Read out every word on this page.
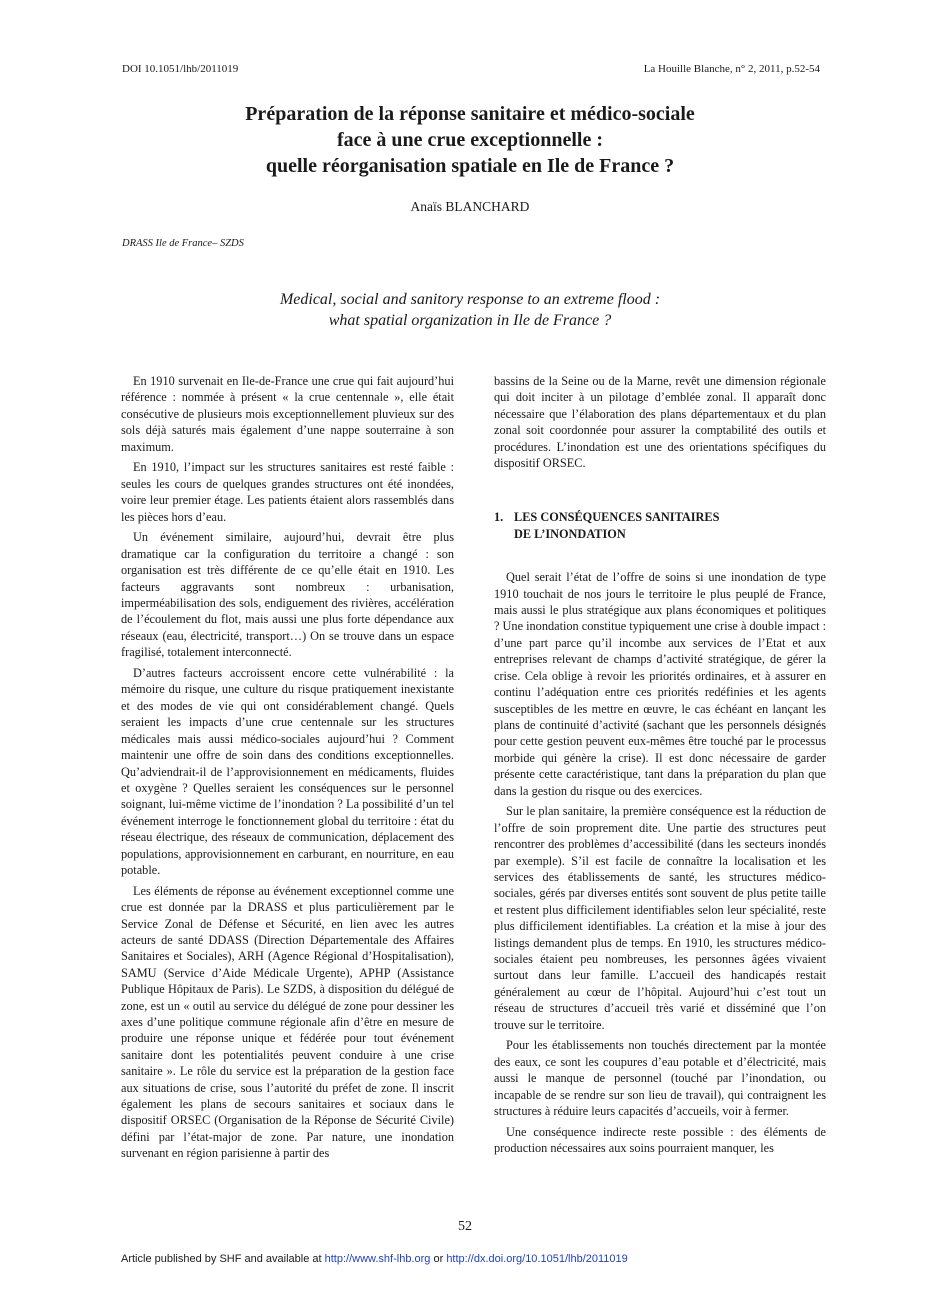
DOI 10.1051/lhb/2011019	La Houille Blanche, n° 2, 2011, p.52-54
Préparation de la réponse sanitaire et médico-sociale
face à une crue exceptionnelle :
quelle réorganisation spatiale en Ile de France ?
Anaïs BLANCHARD
DRASS Ile de France– SZDS
Medical, social and sanitory response to an extreme flood :
what spatial organization in Ile de France ?

En 1910 survenait en Ile-de-France une crue qui fait aujourd’hui référence : nommée à présent « la crue centennale », elle était consécutive de plusieurs mois exceptionnellement pluvieux sur des sols déjà saturés mais également d’une nappe souterraine à son maximum.

En 1910, l’impact sur les structures sanitaires est resté faible : seules les cours de quelques grandes structures ont été inondées, voire leur premier étage. Les patients étaient alors rassemblés dans les pièces hors d’eau.

Un événement similaire, aujourd’hui, devrait être plus dramatique car la configuration du territoire a changé : son organisation est très différente de ce qu’elle était en 1910. Les facteurs aggravants sont nombreux : urbanisation, imperméabilisation des sols, endiguement des rivières, accélération de l’écoulement du flot, mais aussi une plus forte dépendance aux réseaux (eau, électricité, transport…) On se trouve dans un espace fragilisé, totalement interconnecté.

D’autres facteurs accroissent encore cette vulnérabilité : la mémoire du risque, une culture du risque pratiquement inexistante et des modes de vie qui ont considérablement changé. Quels seraient les impacts d’une crue centennale sur les structures médicales mais aussi médico-sociales aujourd’hui ? Comment maintenir une offre de soin dans des conditions exceptionnelles. Qu’adviendrait-il de l’approvisionnement en médicaments, fluides et oxygène ? Quelles seraient les conséquences sur le personnel soignant, lui-même victime de l’inondation ? La possibilité d’un tel événement interroge le fonctionnement global du territoire : état du réseau électrique, des réseaux de communication, déplacement des populations, approvisionnement en carburant, en nourriture, en eau potable.

Les éléments de réponse au événement exceptionnel comme une crue est donnée par la DRASS et plus particulièrement par le Service Zonal de Défense et Sécurité, en lien avec les autres acteurs de santé DDASS (Direction Départementale des Affaires Sanitaires et Sociales), ARH (Agence Régional d’Hospitalisation), SAMU (Service d’Aide Médicale Urgente), APHP (Assistance Publique Hôpitaux de Paris). Le SZDS, à disposition du délégué de zone, est un « outil au service du délégué de zone pour dessiner les axes d’une politique commune régionale afin d’être en mesure de produire une réponse unique et fédérée pour tout événement sanitaire dont les potentialités peuvent conduire à une crise sanitaire ». Le rôle du service est la préparation de la gestion face aux situations de crise, sous l’autorité du préfet de zone. Il inscrit également les plans de secours sanitaires et sociaux dans le dispositif ORSEC (Organisation de la Réponse de Sécurité Civile) défini par l’état-major de zone. Par nature, une inondation survenant en région parisienne à partir des

bassins de la Seine ou de la Marne, revêt une dimension régionale qui doit inciter à un pilotage d’emblée zonal. Il apparaît donc nécessaire que l’élaboration des plans départementaux et du plan zonal soit coordonnée pour assurer la comptabilité des outils et procédures. L’inondation est une des orientations spécifiques du dispositif ORSEC.

1. LES CONSÉQUENCES SANITAIRES
DE L’INONDATION

Quel serait l’état de l’offre de soins si une inondation de type 1910 touchait de nos jours le territoire le plus peuplé de France, mais aussi le plus stratégique aux plans économiques et politiques ? Une inondation constitue typiquement une crise à double impact : d’une part parce qu’il incombe aux services de l’Etat et aux entreprises relevant de champs d’activité stratégique, de gérer la crise. Cela oblige à revoir les priorités ordinaires, et à assurer en continu l’adéquation entre ces priorités redéfinies et les agents susceptibles de les mettre en œuvre, le cas échéant en lançant les plans de continuité d’activité (sachant que les personnels désignés pour cette gestion peuvent eux-mêmes être touché par le processus morbide qui génère la crise). Il est donc nécessaire de garder présente cette caractéristique, tant dans la préparation du plan que dans la gestion du risque ou des exercices.

Sur le plan sanitaire, la première conséquence est la réduction de l’offre de soin proprement dite. Une partie des structures peut rencontrer des problèmes d’accessibilité (dans les secteurs inondés par exemple). S’il est facile de connaître la localisation et les services des établissements de santé, les structures médico-sociales, gérés par diverses entités sont souvent de plus petite taille et restent plus difficilement identifiables selon leur spécialité, reste plus difficilement identifiables. La création et la mise à jour des listings demandent plus de temps. En 1910, les structures médico-sociales étaient peu nombreuses, les personnes âgées vivaient surtout dans leur famille. L’accueil des handicapés restait généralement au cœur de l’hôpital. Aujourd’hui c’est tout un réseau de structures d’accueil très varié et disséminé que l’on trouve sur le territoire.

Pour les établissements non touchés directement par la montée des eaux, ce sont les coupures d’eau potable et d’électricité, mais aussi le manque de personnel (touché par l’inondation, ou incapable de se rendre sur son lieu de travail), qui contraignent les structures à réduire leurs capacités d’accueils, voir à fermer.

Une conséquence indirecte reste possible : des éléments de production nécessaires aux soins pourraient manquer, les

52
Article published by SHF and available at http://www.shf-lhb.org or http://dx.doi.org/10.1051/lhb/2011019
